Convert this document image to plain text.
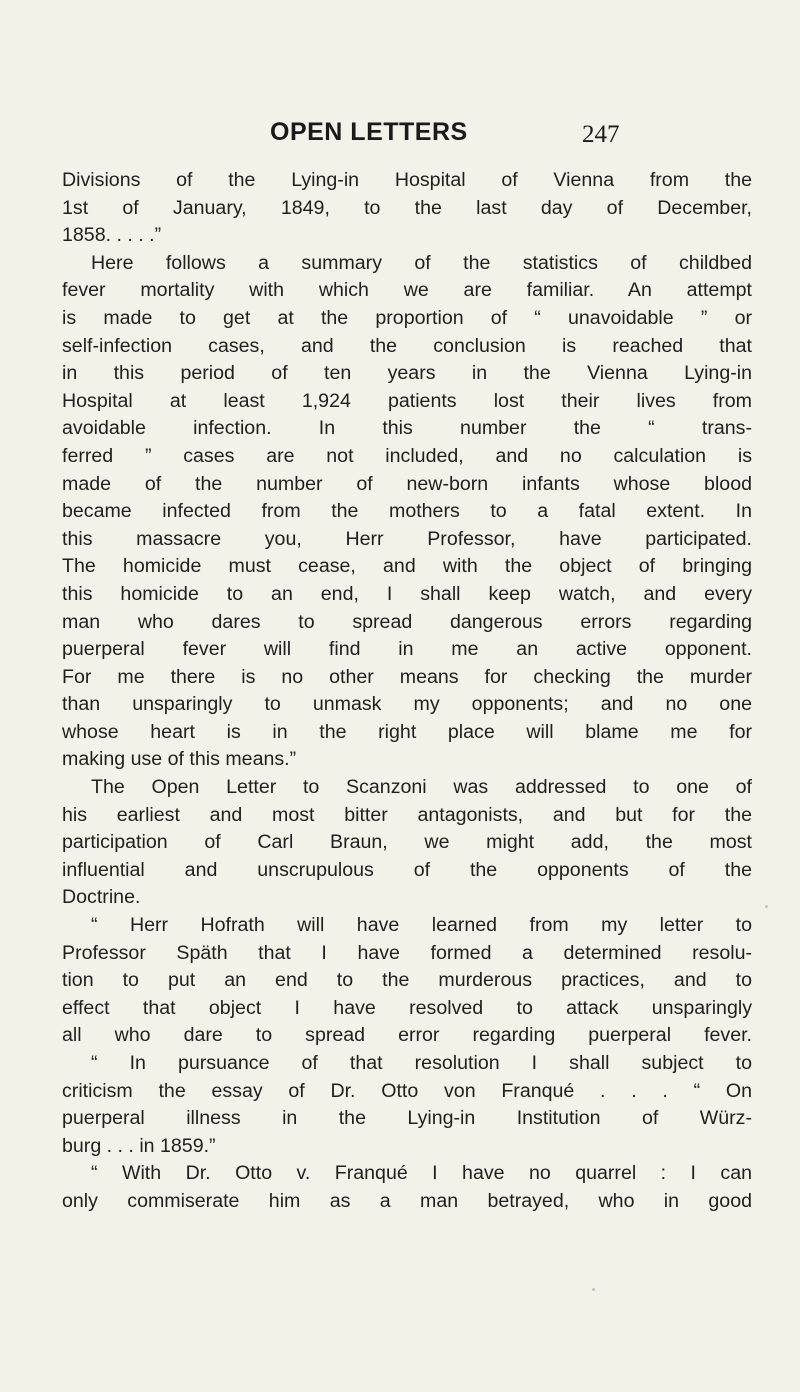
OPEN LETTERS	247
Divisions of the Lying-in Hospital of Vienna from the
1st of January, 1849, to the last day of December,
1858. . . . .”
Here follows a summary of the statistics of childbed
fever mortality with which we are familiar. An attempt
is made to get at the proportion of “ unavoidable ” or
self-infection cases, and the conclusion is reached that
in this period of ten years in the Vienna Lying-in
Hospital at least 1,924 patients lost their lives from
avoidable infection. In this number the “ trans-
ferred ” cases are not included, and no calculation is
made of the number of new-born infants whose blood
became infected from the mothers to a fatal extent. In
this massacre you, Herr Professor, have participated.
The homicide must cease, and with the object of bringing
this homicide to an end, I shall keep watch, and every
man who dares to spread dangerous errors regarding
puerperal fever will find in me an active opponent.
For me there is no other means for checking the murder
than unsparingly to unmask my opponents; and no one
whose heart is in the right place will blame me for
making use of this means.”
The Open Letter to Scanzoni was addressed to one of
his earliest and most bitter antagonists, and but for the
participation of Carl Braun, we might add, the most
influential and unscrupulous of the opponents of the
Doctrine.
“ Herr Hofrath will have learned from my letter to
Professor Späth that I have formed a determined resolu-
tion to put an end to the murderous practices, and to
effect that object I have resolved to attack unsparingly
all who dare to spread error regarding puerperal fever.
“ In pursuance of that resolution I shall subject to
criticism the essay of Dr. Otto von Franqué . . . “ On
puerperal illness in the Lying-in Institution of Würz-
burg . . . in 1859.”
“ With Dr. Otto v. Franqué I have no quarrel : I can
only commiserate him as a man betrayed, who in good
